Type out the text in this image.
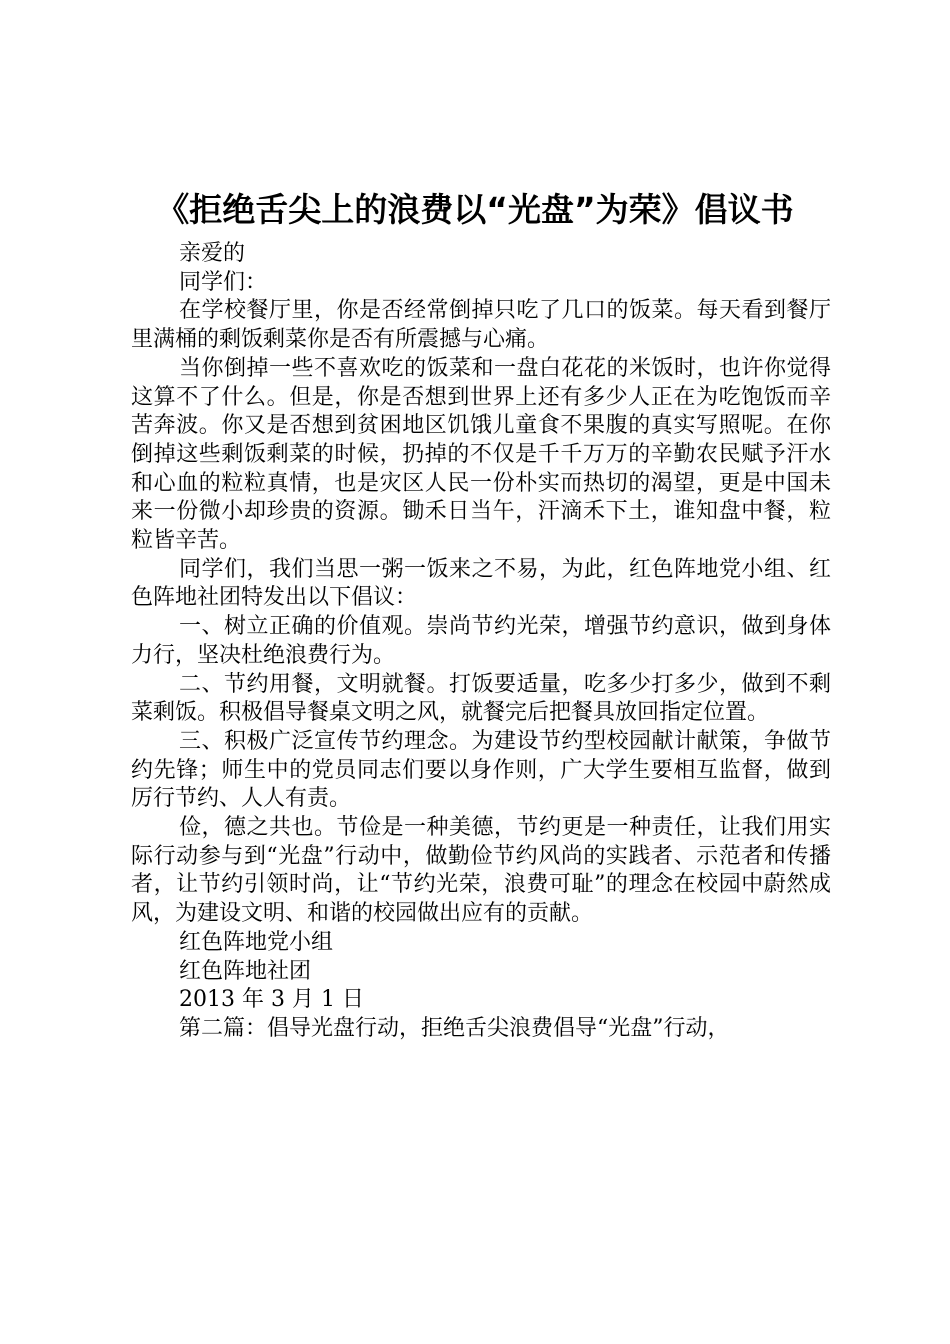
《拒绝舌尖上的浪费以“光盘”为荣》倡议书

亲爱的

同学们：

在学校餐厅里，你是否经常倒掉只吃了几口的饭菜。每天看到餐厅里满桶的剩饭剩菜你是否有所震撼与心痛。

当你倒掉一些不喜欢吃的饭菜和一盘白花花的米饭时，也许你觉得这算不了什么。但是，你是否想到世界上还有多少人正在为吃饱饭而辛苦奔波。你又是否想到贫困地区饥饿儿童食不果腹的真实写照呢。在你倒掉这些剩饭剩菜的时候，扔掉的不仅是千千万万的辛勤农民赋予汗水和心血的粒粒真情，也是灾区人民一份朴实而热切的渴望，更是中国未来一份微小却珍贵的资源。锄禾日当午，汗滴禾下土，谁知盘中餐，粒粒皆辛苦。

同学们，我们当思一粥一饭来之不易，为此，红色阵地党小组、红色阵地社团特发出以下倡议：

一、树立正确的价值观。崇尚节约光荣，增强节约意识，做到身体力行，坚决杜绝浪费行为。

二、节约用餐，文明就餐。打饭要适量，吃多少打多少，做到不剩菜剩饭。积极倡导餐桌文明之风，就餐完后把餐具放回指定位置。

三、积极广泛宣传节约理念。为建设节约型校园献计献策，争做节约先锋；师生中的党员同志们要以身作则，广大学生要相互监督，做到厉行节约、人人有责。

俭，德之共也。节俭是一种美德，节约更是一种责任，让我们用实际行动参与到“光盘”行动中，做勤俭节约风尚的实践者、示范者和传播者，让节约引领时尚，让“节约光荣，浪费可耻”的理念在校园中蔚然成风，为建设文明、和谐的校园做出应有的贡献。

红色阵地党小组

红色阵地社团

2013 年 3 月 1 日

第二篇：倡导光盘行动，拒绝舌尖浪费倡导“光盘”行动，
